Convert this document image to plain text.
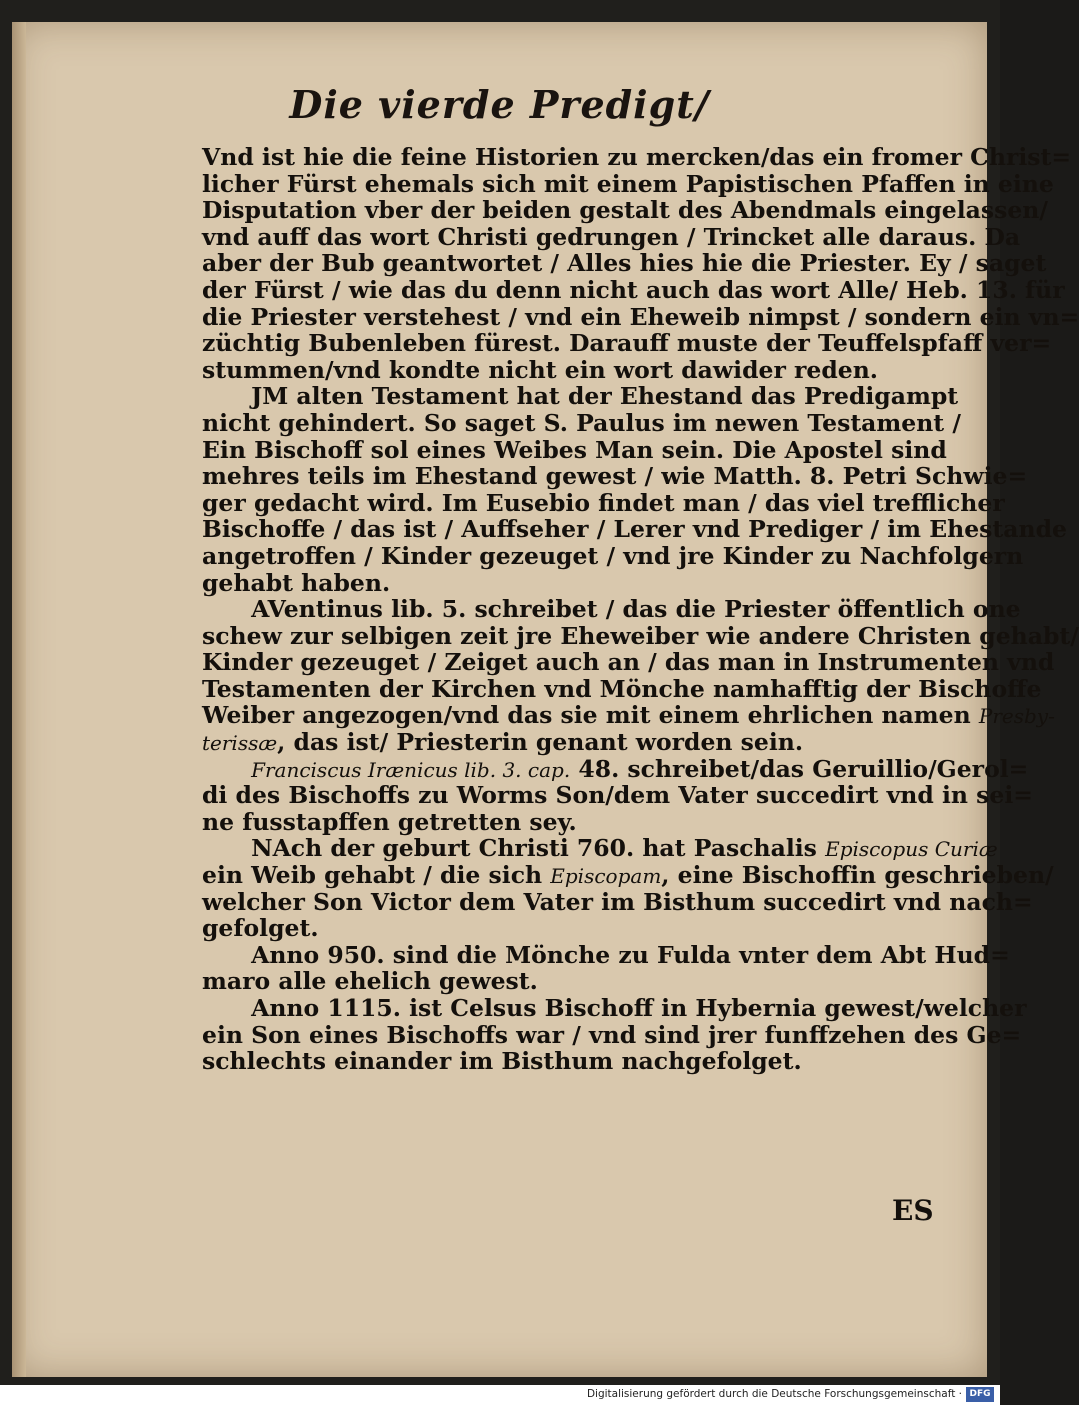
Die vierde Predigt/
Vnd ist hie die feine Historien zu mercken/das ein fromer Christ=
licher Fürst ehemals sich mit einem Papistischen Pfaffen in eine
Disputation vber der beiden gestalt des Abendmals eingelassen/
vnd auff das wort Christi gedrungen / Trincket alle daraus. Da
aber der Bub geantwortet / Alles hies hie die Priester. Ey / saget
der Fürst / wie das du denn nicht auch das wort Alle/ Heb. 13. für
die Priester verstehest / vnd ein Eheweib nimpst / sondern ein vn=
züchtig Bubenleben fürest. Darauff muste der Teuffelspfaff ver=
stummen/vnd kondte nicht ein wort dawider reden.
JM alten Testament hat der Ehestand das Predigampt
nicht gehindert. So saget S. Paulus im newen Testament /
Ein Bischoff sol eines Weibes Man sein. Die Apostel sind
mehres teils im Ehestand gewest / wie Matth. 8. Petri Schwie=
ger gedacht wird. Im Eusebio findet man / das viel trefflicher
Bischoffe / das ist / Auffseher / Lerer vnd Prediger / im Ehestande
angetroffen / Kinder gezeuget / vnd jre Kinder zu Nachfolgern
gehabt haben.
AVentinus lib. 5. schreibet / das die Priester öffentlich one
schew zur selbigen zeit jre Eheweiber wie andere Christen gehabt/
Kinder gezeuget / Zeiget auch an / das man in Instrumenten vnd
Testamenten der Kirchen vnd Mönche namhafftig der Bischoffe
Weiber angezogen/vnd das sie mit einem ehrlichen namen Presby-
terissæ, das ist/ Priesterin genant worden sein.
Franciscus Irænicus lib. 3. cap. 48. schreibet/das Geruillio/Gerol=
di des Bischoffs zu Worms Son/dem Vater succedirt vnd in sei=
ne fusstapffen getretten sey.
NAch der geburt Christi 760. hat Paschalis Episcopus Curiæ
ein Weib gehabt / die sich Episcopam, eine Bischoffin geschrieben/
welcher Son Victor dem Vater im Bisthum succedirt vnd nach=
gefolget.
Anno 950. sind die Mönche zu Fulda vnter dem Abt Hud=
maro alle ehelich gewest.
Anno 1115. ist Celsus Bischoff in Hybernia gewest/welcher
ein Son eines Bischoffs war / vnd sind jrer funffzehen des Ge=
schlechts einander im Bisthum nachgefolget.
ES
Digitalisierung gefördert durch die Deutsche Forschungsgemeinschaft · DFG
